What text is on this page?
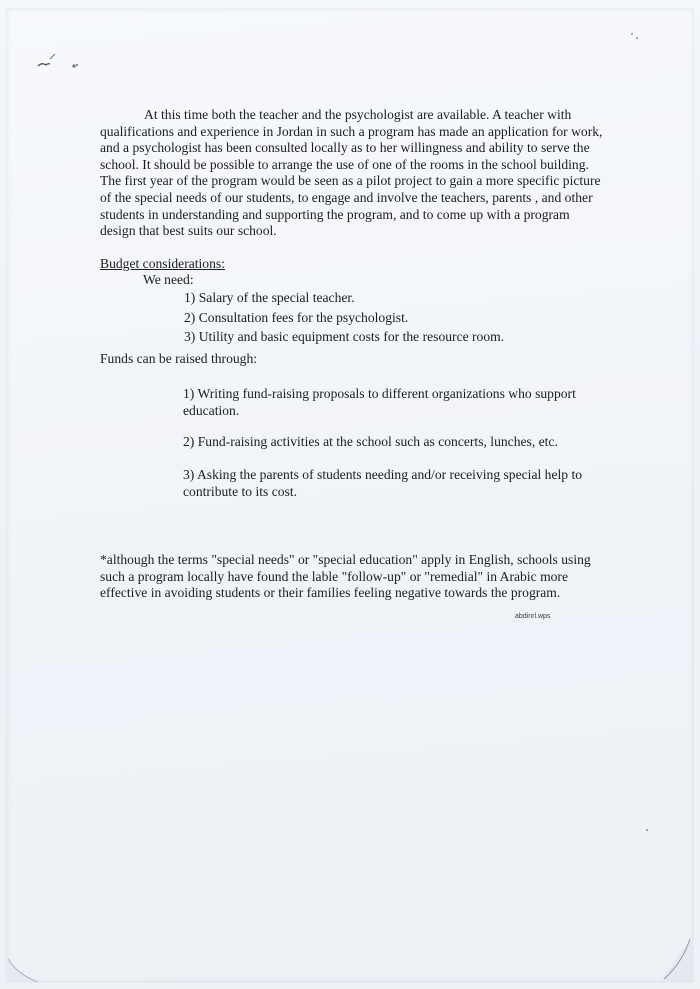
At this time both the teacher and the psychologist are available. A teacher with qualifications and experience in Jordan in such a program has made an application for work, and a psychologist has been consulted locally as to her willingness and ability to serve the school. It should be possible to arrange the use of one of the rooms in the school building. The first year of the program would be seen as a pilot project to gain a more specific picture of the special needs of our students, to engage and involve the teachers, parents , and other students in understanding and supporting the program, and to come up with a program design that best suits our school.
Budget considerations:
We need:
1) Salary of the special teacher.
2) Consultation fees for the psychologist.
3) Utility and basic equipment costs for the resource room.
Funds can be raised through:
1) Writing fund-raising proposals to different organizations who support education.
2) Fund-raising activities at the school such as concerts, lunches, etc.
3) Asking the parents of students needing and/or receiving special help to contribute to its cost.
*although the terms "special needs" or "special education" apply in English, schools using such a program locally have found the lable "follow-up" or "remedial" in Arabic more effective in avoiding students or their families feeling negative towards the program.
abdinrl.wps
